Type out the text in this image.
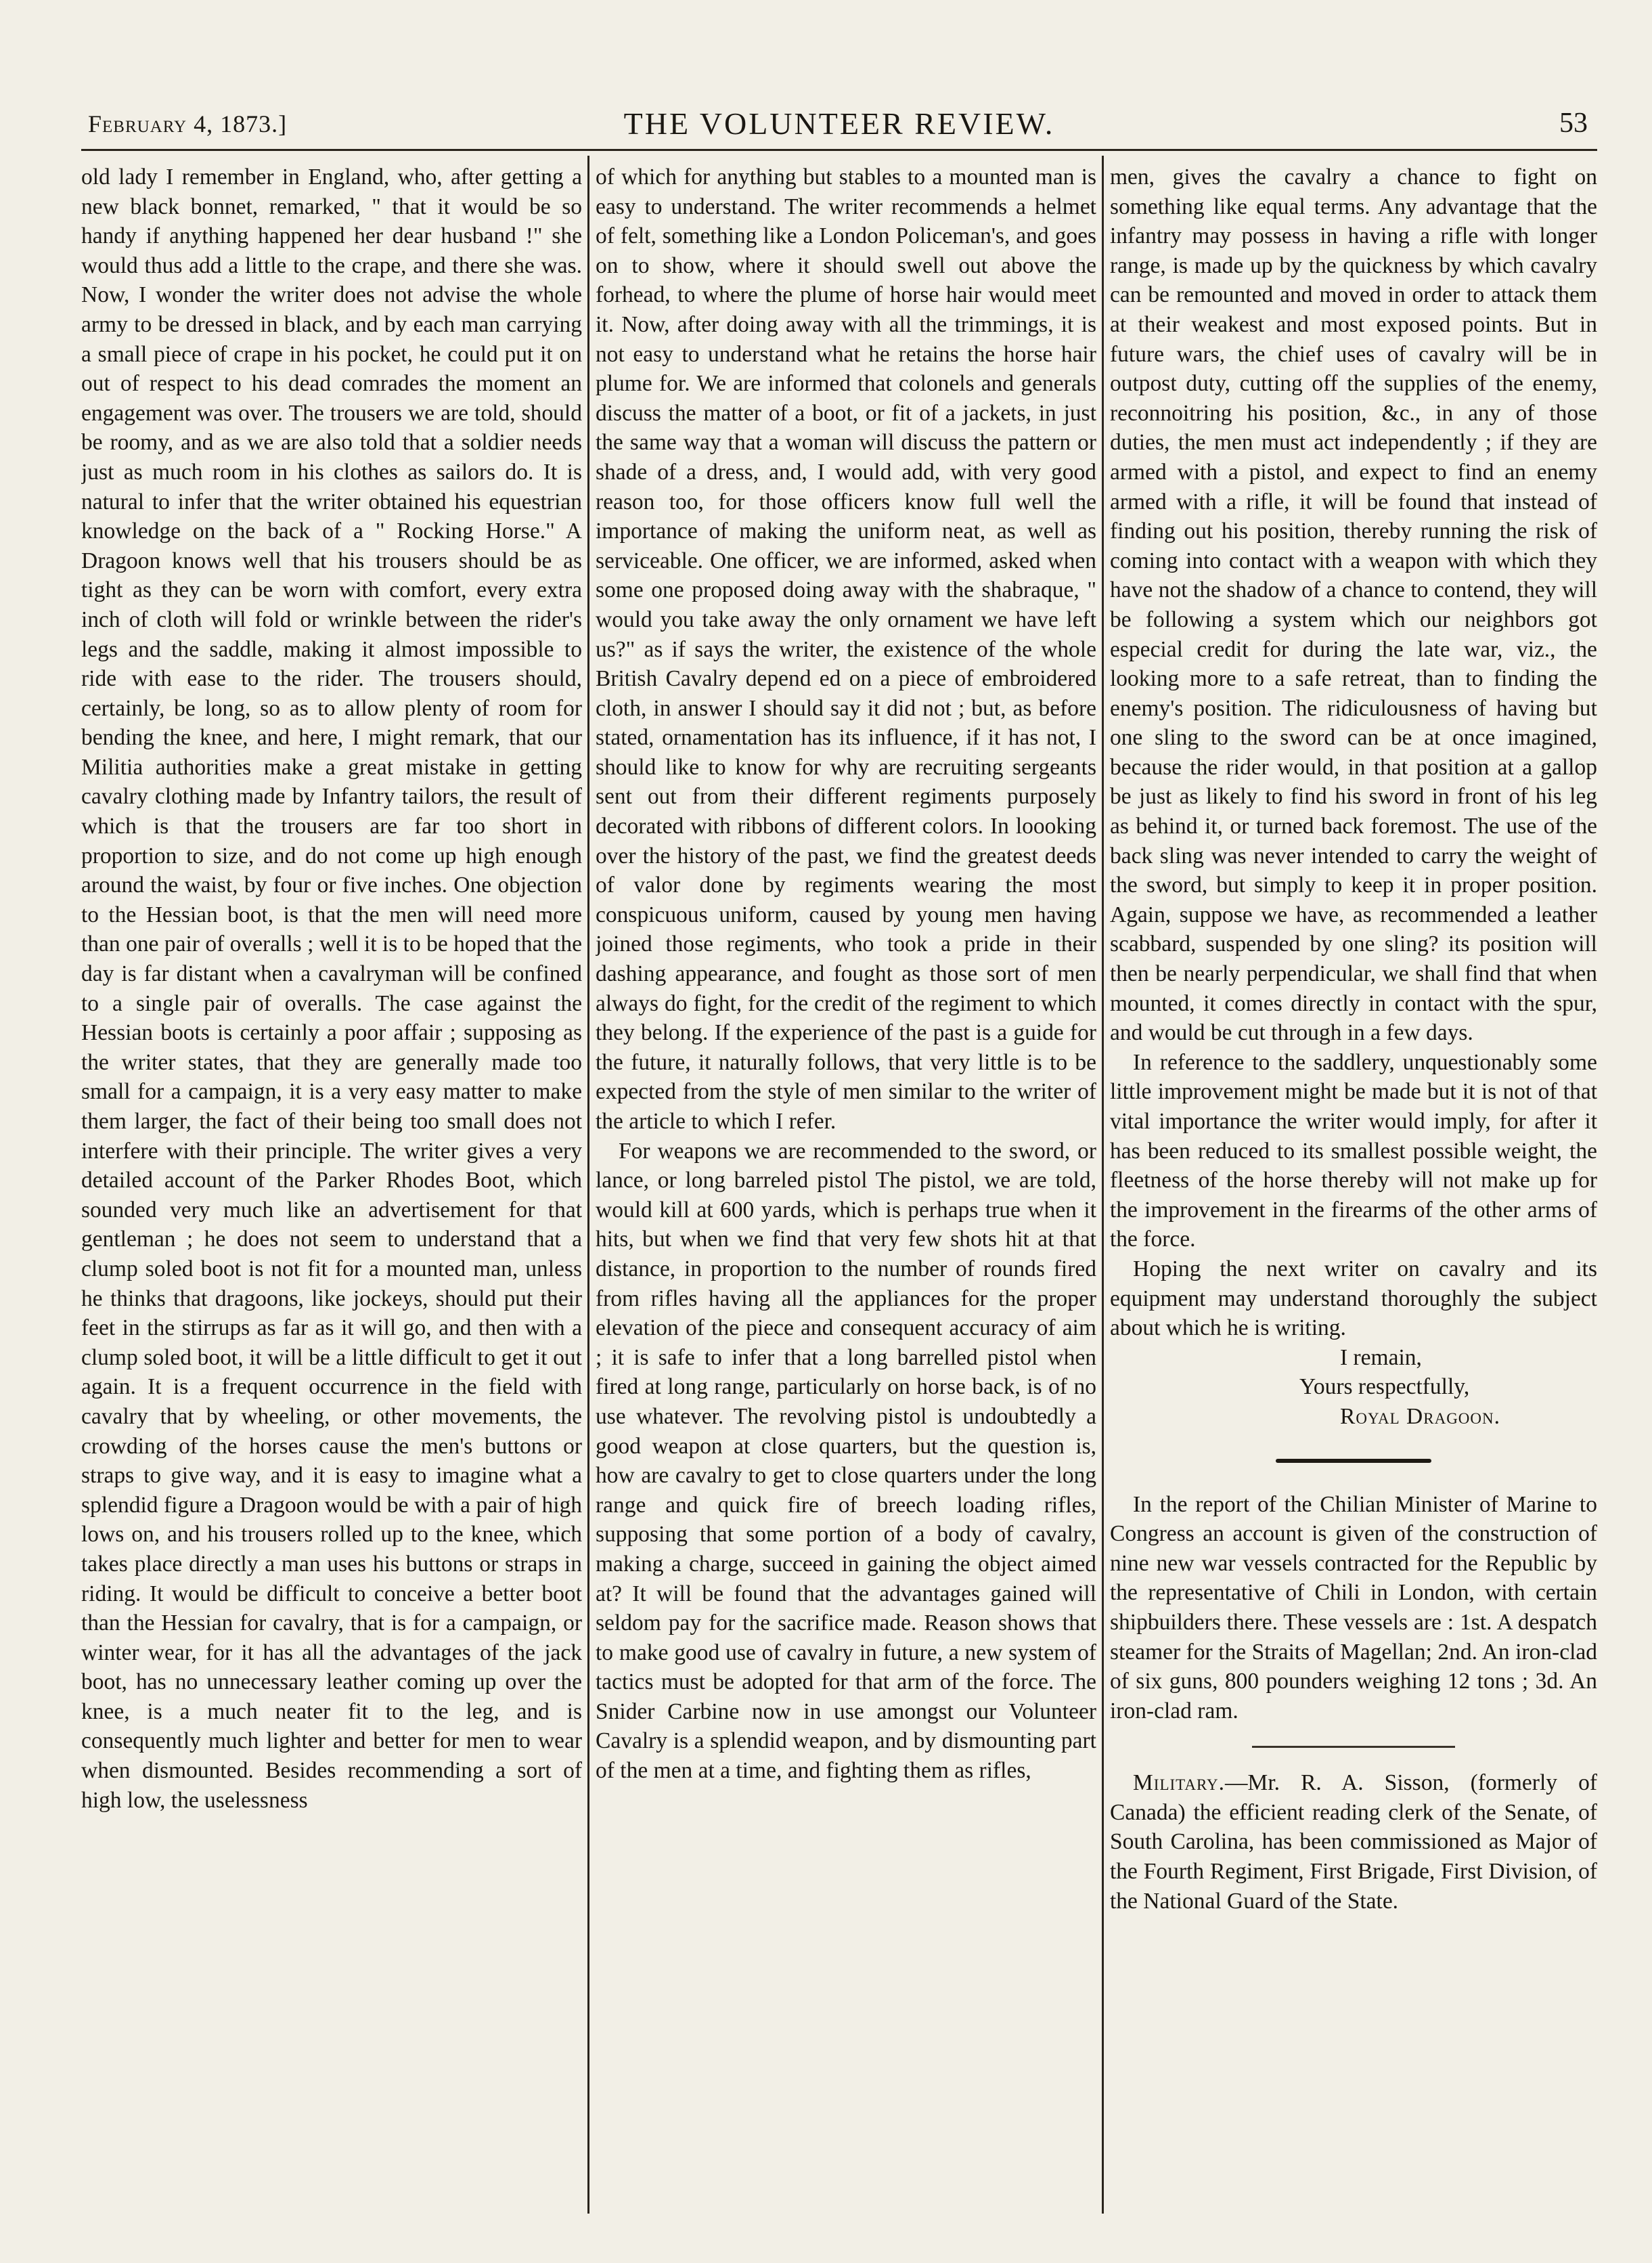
February 4, 1873.]	THE VOLUNTEER REVIEW.	53

old lady I remember in England, who, after getting a new black bonnet, remarked, " that it would be so handy if anything happened her dear husband !" she would thus add a little to the crape, and there she was. Now, I wonder the writer does not advise the whole army to be dressed in black, and by each man carrying a small piece of crape in his pocket, he could put it on out of respect to his dead comrades the moment an engagement was over. The trousers we are told, should be roomy, and as we are also told that a soldier needs just as much room in his clothes as sailors do. It is natural to infer that the writer obtained his equestrian knowledge on the back of a " Rocking Horse." A Dragoon knows well that his trousers should be as tight as they can be worn with comfort, every extra inch of cloth will fold or wrinkle between the rider's legs and the saddle, making it almost impossible to ride with ease to the rider. The trousers should, certainly, be long, so as to allow plenty of room for bending the knee, and here, I might remark, that our Militia authorities make a great mistake in getting cavalry clothing made by Infantry tailors, the result of which is that the trousers are far too short in proportion to size, and do not come up high enough around the waist, by four or five inches. One objection to the Hessian boot, is that the men will need more than one pair of overalls ; well it is to be hoped that the day is far distant when a cavalryman will be confined to a single pair of overalls. The case against the Hessian boots is certainly a poor affair ; supposing as the writer states, that they are generally made too small for a campaign, it is a very easy matter to make them larger, the fact of their being too small does not interfere with their principle. The writer gives a very detailed account of the Parker Rhodes Boot, which sounded very much like an advertisement for that gentleman ; he does not seem to understand that a clump soled boot is not fit for a mounted man, unless he thinks that dragoons, like jockeys, should put their feet in the stirrups as far as it will go, and then with a clump soled boot, it will be a little difficult to get it out again. It is a frequent occurrence in the field with cavalry that by wheeling, or other movements, the crowding of the horses cause the men's buttons or straps to give way, and it is easy to imagine what a splendid figure a Dragoon would be with a pair of high lows on, and his trousers rolled up to the knee, which takes place directly a man uses his buttons or straps in riding. It would be difficult to conceive a better boot than the Hessian for cavalry, that is for a campaign, or winter wear, for it has all the advantages of the jack boot, has no unnecessary leather coming up over the knee, is a much neater fit to the leg, and is consequently much lighter and better for men to wear when dismounted. Besides recommending a sort of high low, the uselessness

of which for anything but stables to a mounted man is easy to understand. The writer recommends a helmet of felt, something like a London Policeman's, and goes on to show, where it should swell out above the forhead, to where the plume of horse hair would meet it. Now, after doing away with all the trimmings, it is not easy to understand what he retains the horse hair plume for. We are informed that colonels and generals discuss the matter of a boot, or fit of a jackets, in just the same way that a woman will discuss the pattern or shade of a dress, and, I would add, with very good reason too, for those officers know full well the importance of making the uniform neat, as well as serviceable. One officer, we are informed, asked when some one proposed doing away with the shabraque, " would you take away the only ornament we have left us?" as if says the writer, the existence of the whole British Cavalry depend ed on a piece of embroidered cloth, in answer I should say it did not ; but, as before stated, ornamentation has its influence, if it has not, I should like to know for why are recruiting sergeants sent out from their different regiments purposely decorated with ribbons of different colors. In loooking over the history of the past, we find the greatest deeds of valor done by regiments wearing the most conspicuous uniform, caused by young men having joined those regiments, who took a pride in their dashing appearance, and fought as those sort of men always do fight, for the credit of the regiment to which they belong. If the experience of the past is a guide for the future, it naturally follows, that very little is to be expected from the style of men similar to the writer of the article to which I refer.

For weapons we are recommended to the sword, or lance, or long barreled pistol The pistol, we are told, would kill at 600 yards, which is perhaps true when it hits, but when we find that very few shots hit at that distance, in proportion to the number of rounds fired from rifles having all the appliances for the proper elevation of the piece and consequent accuracy of aim ; it is safe to infer that a long barrelled pistol when fired at long range, particularly on horse back, is of no use whatever. The revolving pistol is undoubtedly a good weapon at close quarters, but the question is, how are cavalry to get to close quarters under the long range and quick fire of breech loading rifles, supposing that some portion of a body of cavalry, making a charge, succeed in gaining the object aimed at? It will be found that the advantages gained will seldom pay for the sacrifice made. Reason shows that to make good use of cavalry in future, a new system of tactics must be adopted for that arm of the force. The Snider Carbine now in use amongst our Volunteer Cavalry is a splendid weapon, and by dismounting part of the men at a time, and fighting them as rifles,

men, gives the cavalry a chance to fight on something like equal terms. Any advantage that the infantry may possess in having a rifle with longer range, is made up by the quickness by which cavalry can be remounted and moved in order to attack them at their weakest and most exposed points. But in future wars, the chief uses of cavalry will be in outpost duty, cutting off the supplies of the enemy, reconnoitring his position, &c., in any of those duties, the men must act independently ; if they are armed with a pistol, and expect to find an enemy armed with a rifle, it will be found that instead of finding out his position, thereby running the risk of coming into contact with a weapon with which they have not the shadow of a chance to contend, they will be following a system which our neighbors got especial credit for during the late war, viz., the looking more to a safe retreat, than to finding the enemy's position. The ridiculousness of having but one sling to the sword can be at once imagined, because the rider would, in that position at a gallop be just as likely to find his sword in front of his leg as behind it, or turned back foremost. The use of the back sling was never intended to carry the weight of the sword, but simply to keep it in proper position. Again, suppose we have, as recommended a leather scabbard, suspended by one sling? its position will then be nearly perpendicular, we shall find that when mounted, it comes directly in contact with the spur, and would be cut through in a few days.

In reference to the saddlery, unquestionably some little improvement might be made but it is not of that vital importance the writer would imply, for after it has been reduced to its smallest possible weight, the fleetness of the horse thereby will not make up for the improvement in the firearms of the other arms of the force.

Hoping the next writer on cavalry and its equipment may understand thoroughly the subject about which he is writing.

I remain,
Yours respectfully,
Royal Dragoon.

In the report of the Chilian Minister of Marine to Congress an account is given of the construction of nine new war vessels contracted for the Republic by the representative of Chili in London, with certain shipbuilders there. These vessels are : 1st. A despatch steamer for the Straits of Magellan; 2nd. An iron-clad of six guns, 800 pounders weighing 12 tons ; 3d. An iron-clad ram.

Military.—Mr. R. A. Sisson, (formerly of Canada) the efficient reading clerk of the Senate, of South Carolina, has been commissioned as Major of the Fourth Regiment, First Brigade, First Division, of the National Guard of the State.
